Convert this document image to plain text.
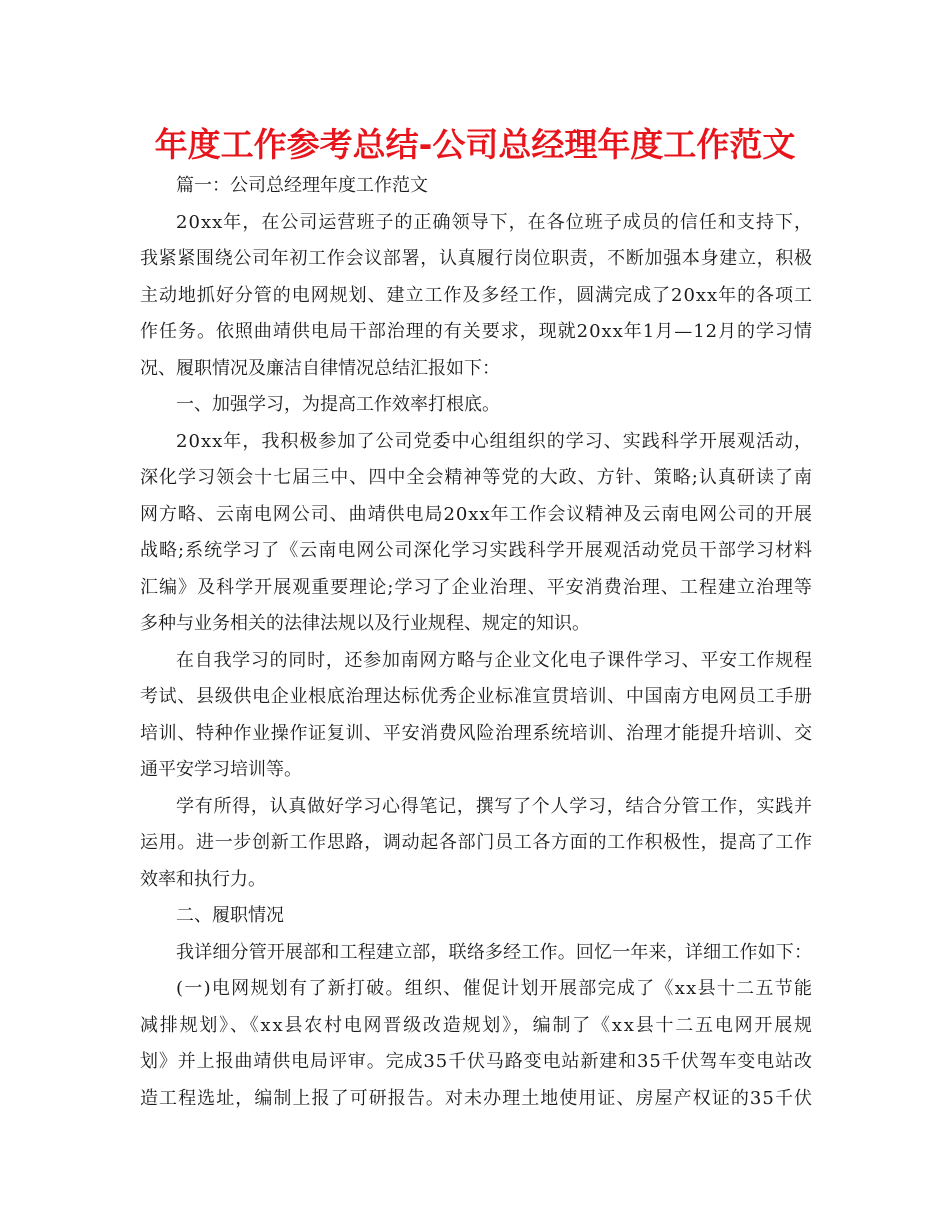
年度工作参考总结-公司总经理年度工作范文
篇一：公司总经理年度工作范文
20xx年，在公司运营班子的正确领导下，在各位班子成员的信任和支持下，
我紧紧围绕公司年初工作会议部署，认真履行岗位职责，不断加强本身建立，积极
主动地抓好分管的电网规划、建立工作及多经工作，圆满完成了20xx年的各项工
作任务。依照曲靖供电局干部治理的有关要求，现就20xx年1月—12月的学习情
况、履职情况及廉洁自律情况总结汇报如下：
一、加强学习，为提高工作效率打根底。
20xx年，我积极参加了公司党委中心组组织的学习、实践科学开展观活动，
深化学习领会十七届三中、四中全会精神等党的大政、方针、策略;认真研读了南
网方略、云南电网公司、曲靖供电局20xx年工作会议精神及云南电网公司的开展
战略;系统学习了《云南电网公司深化学习实践科学开展观活动党员干部学习材料
汇编》及科学开展观重要理论;学习了企业治理、平安消费治理、工程建立治理等
多种与业务相关的法律法规以及行业规程、规定的知识。
在自我学习的同时，还参加南网方略与企业文化电子课件学习、平安工作规程
考试、县级供电企业根底治理达标优秀企业标准宣贯培训、中国南方电网员工手册
培训、特种作业操作证复训、平安消费风险治理系统培训、治理才能提升培训、交
通平安学习培训等。
学有所得，认真做好学习心得笔记，撰写了个人学习，结合分管工作，实践并
运用。进一步创新工作思路，调动起各部门员工各方面的工作积极性，提高了工作
效率和执行力。
二、履职情况
我详细分管开展部和工程建立部，联络多经工作。回忆一年来，详细工作如下：
(一)电网规划有了新打破。组织、催促计划开展部完成了《xx县十二五节能
减排规划》、《xx县农村电网晋级改造规划》，编制了《xx县十二五电网开展规
划》并上报曲靖供电局评审。完成35千伏马路变电站新建和35千伏驾车变电站改
造工程选址，编制上报了可研报告。对未办理土地使用证、房屋产权证的35千伏
